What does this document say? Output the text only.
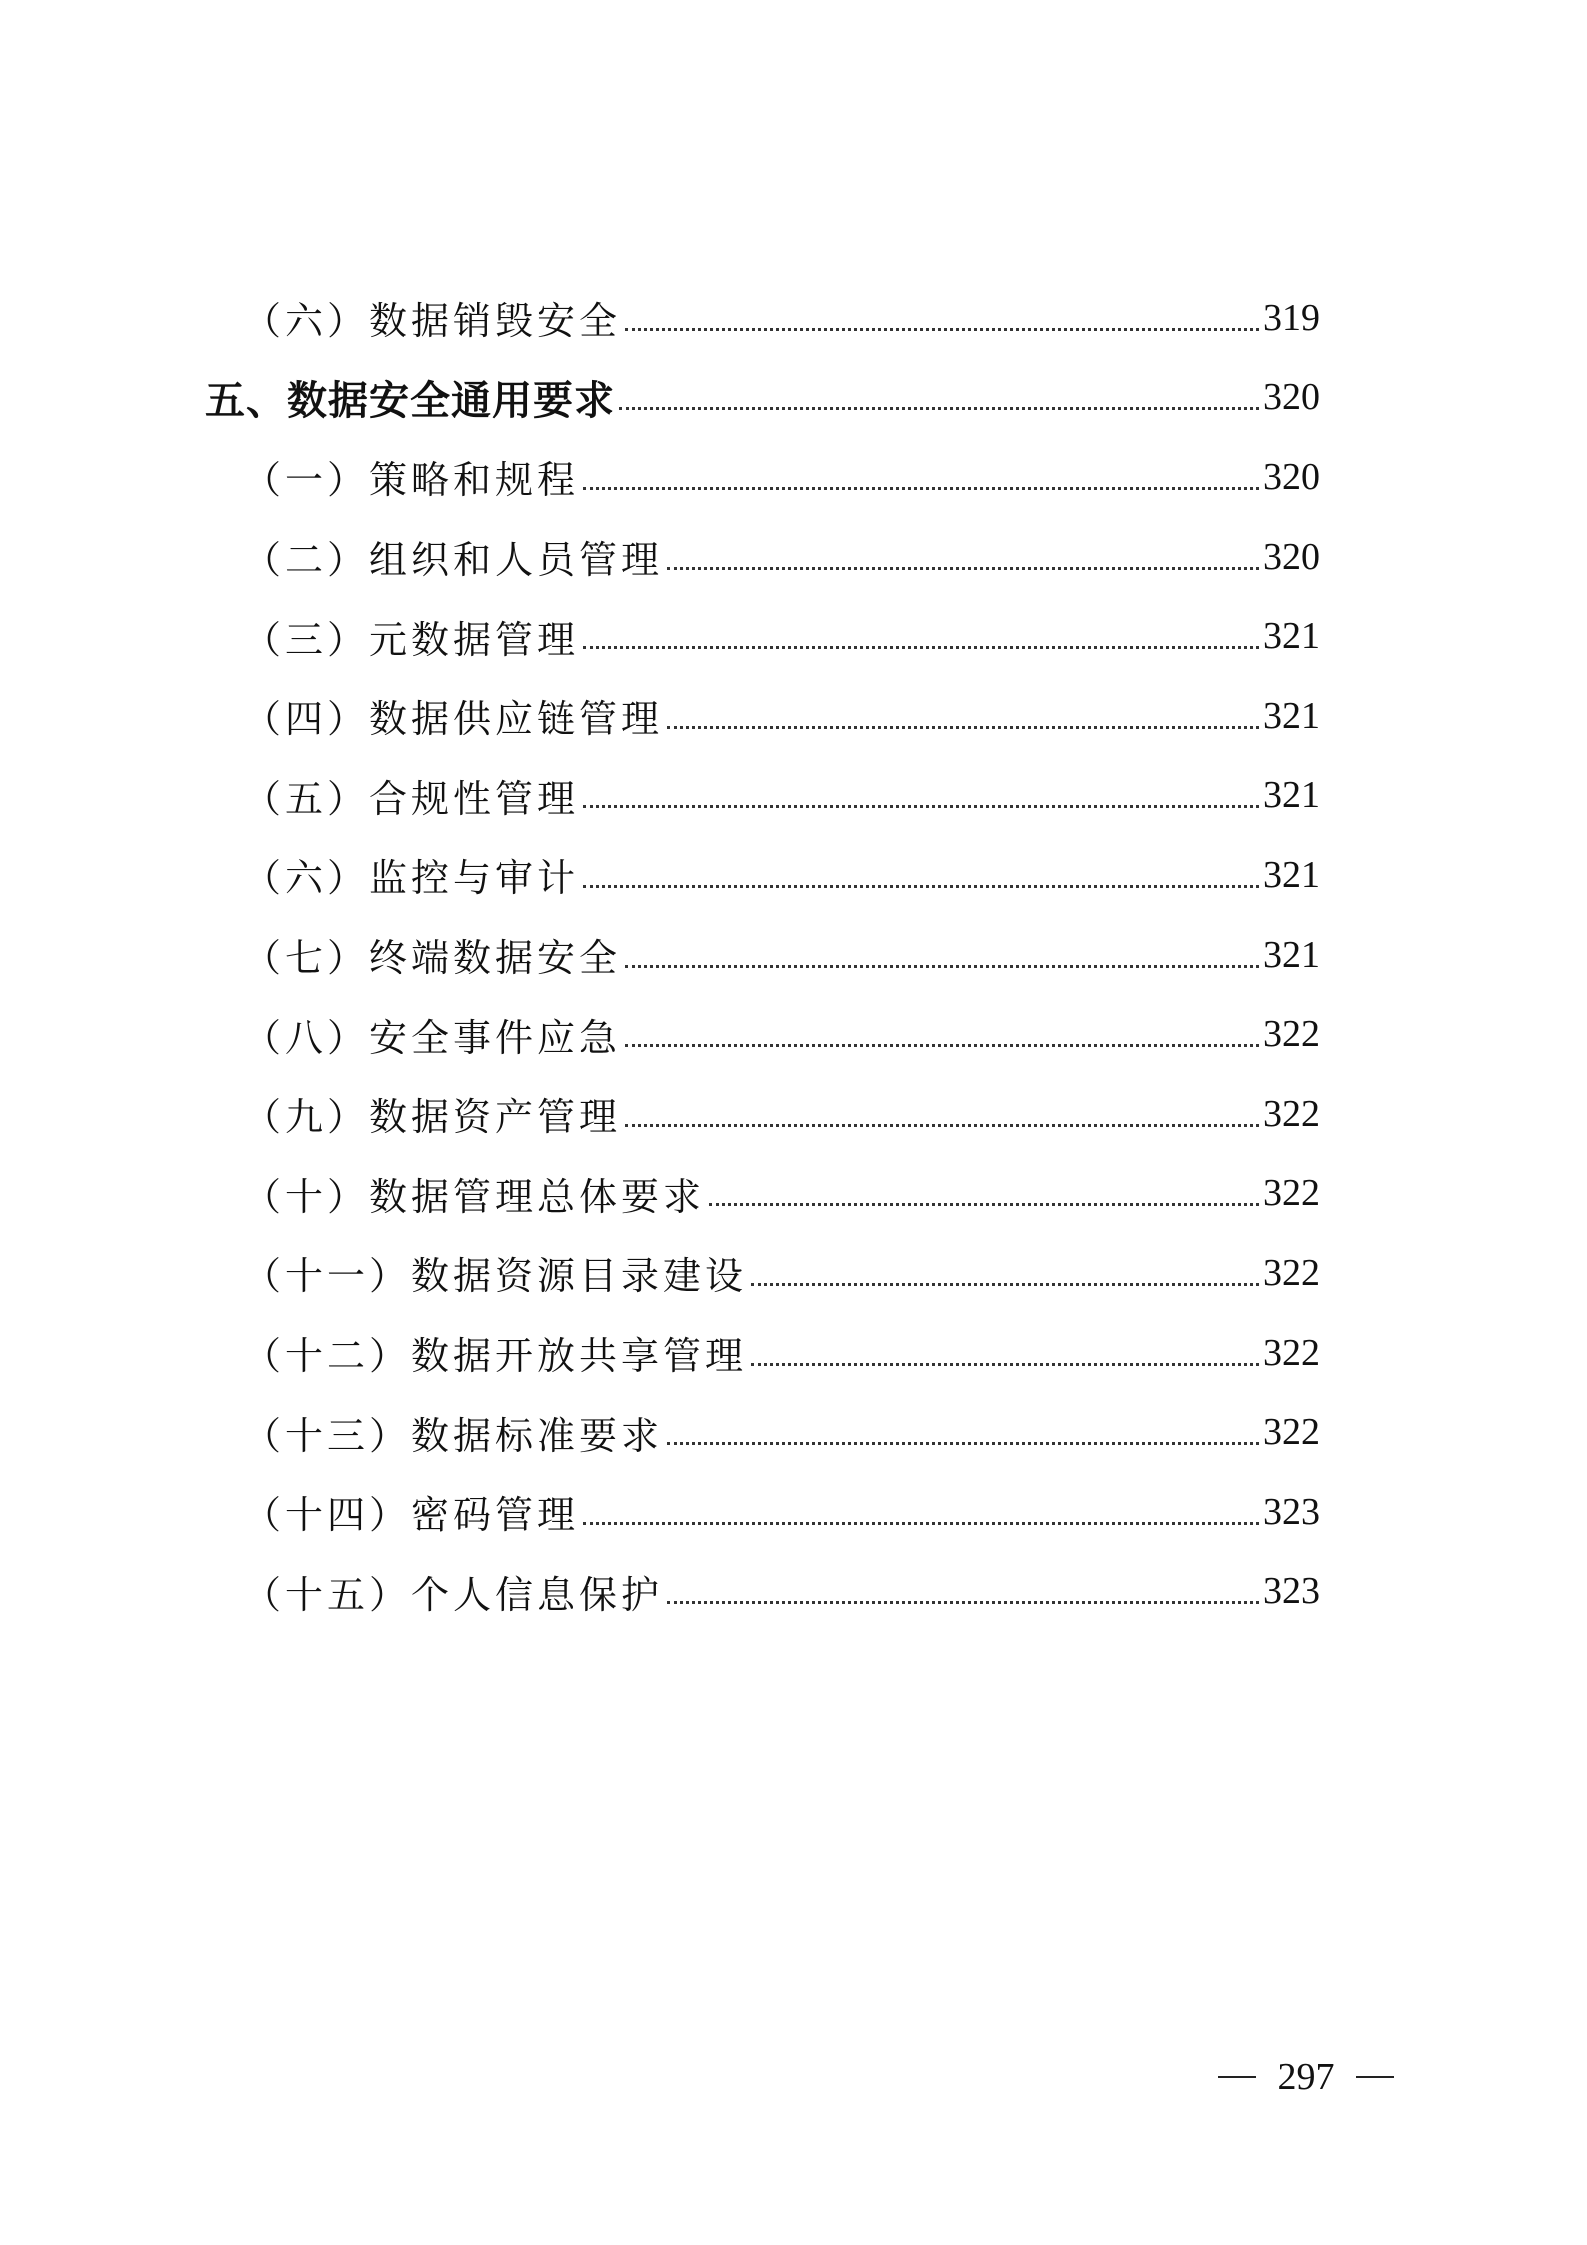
（六）数据销毁安全	319
五、数据安全通用要求	320
（一）策略和规程	320
（二）组织和人员管理	320
（三）元数据管理	321
（四）数据供应链管理	321
（五）合规性管理	321
（六）监控与审计	321
（七）终端数据安全	321
（八）安全事件应急	322
（九）数据资产管理	322
（十）数据管理总体要求	322
（十一）数据资源目录建设	322
（十二）数据开放共享管理	322
（十三）数据标准要求	322
（十四）密码管理	323
（十五）个人信息保护	323
297
